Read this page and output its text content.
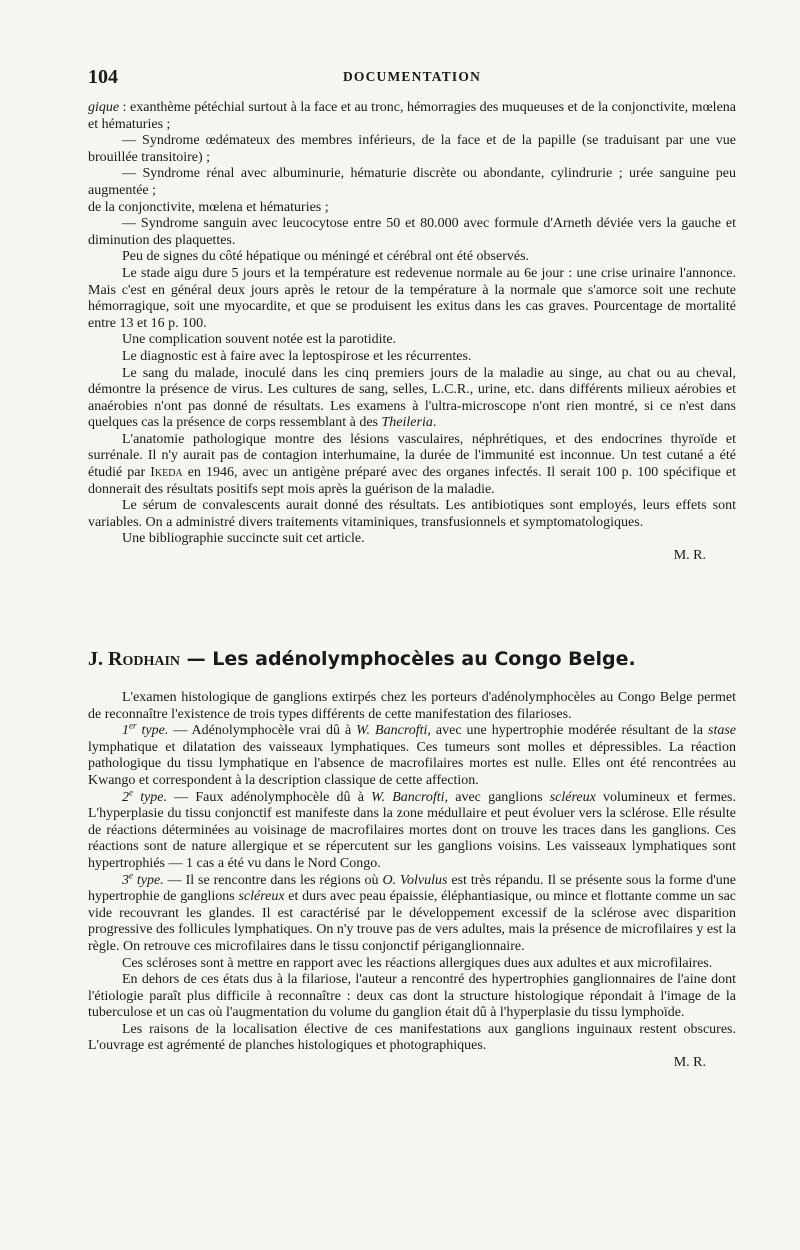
104	DOCUMENTATION

gique : exanthème pétéchial surtout à la face et au tronc, hémorragies des muqueuses et de la conjonctivite, mœlena et hématuries ;

— Syndrome œdémateux des membres inférieurs, de la face et de la papille (se traduisant par une vue brouillée transitoire) ;

— Syndrome rénal avec albuminurie, hématurie discrète ou abondante, cylindrurie ; urée sanguine peu augmentée ;

de la conjonctivite, mœlena et hématuries ;

— Syndrome sanguin avec leucocytose entre 50 et 80.000 avec formule d'Arneth déviée vers la gauche et diminution des plaquettes.

Peu de signes du côté hépatique ou méningé et cérébral ont été observés.

Le stade aigu dure 5 jours et la température est redevenue normale au 6e jour : une crise urinaire l'annonce. Mais c'est en général deux jours après le retour de la température à la normale que s'amorce soit une rechute hémorragique, soit une myocardite, et que se produisent les exitus dans les cas graves. Pourcentage de mortalité entre 13 et 16 p. 100.

Une complication souvent notée est la parotidite.

Le diagnostic est à faire avec la leptospirose et les récurrentes.

Le sang du malade, inoculé dans les cinq premiers jours de la maladie au singe, au chat ou au cheval, démontre la présence de virus. Les cultures de sang, selles, L.C.R., urine, etc. dans différents milieux aérobies et anaérobies n'ont pas donné de résultats. Les examens à l'ultra-microscope n'ont rien montré, si ce n'est dans quelques cas la présence de corps ressemblant à des Theileria.

L'anatomie pathologique montre des lésions vasculaires, néphrétiques, et des endocrines thyroïde et surrénale. Il n'y aurait pas de contagion interhumaine, la durée de l'immunité est inconnue. Un test cutané a été étudié par Ikeda en 1946, avec un antigène préparé avec des organes infectés. Il serait 100 p. 100 spécifique et donnerait des résultats positifs sept mois après la guérison de la maladie.

Le sérum de convalescents aurait donné des résultats. Les antibiotiques sont employés, leurs effets sont variables. On a administré divers traitements vitaminiques, transfusionnels et symptomatologiques.

Une bibliographie succincte suit cet article.

M. R.

J. Rodhain — Les adénolymphocèles au Congo Belge.

L'examen histologique de ganglions extirpés chez les porteurs d'adénolymphocèles au Congo Belge permet de reconnaître l'existence de trois types différents de cette manifestation des filarioses.

1er type. — Adénolymphocèle vrai dû à W. Bancrofti, avec une hypertrophie modérée résultant de la stase lymphatique et dilatation des vaisseaux lymphatiques. Ces tumeurs sont molles et dépressibles. La réaction pathologique du tissu lymphatique en l'absence de macrofilaires mortes est nulle. Elles ont été rencontrées au Kwango et correspondent à la description classique de cette affection.

2e type. — Faux adénolymphocèle dû à W. Bancrofti, avec ganglions scléreux volumineux et fermes. L'hyperplasie du tissu conjonctif est manifeste dans la zone médullaire et peut évoluer vers la sclérose. Elle résulte de réactions déterminées au voisinage de macrofilaires mortes dont on trouve les traces dans les ganglions. Ces réactions sont de nature allergique et se répercutent sur les ganglions voisins. Les vaisseaux lymphatiques sont hypertrophiés — 1 cas a été vu dans le Nord Congo.

3e type. — Il se rencontre dans les régions où O. Volvulus est très répandu. Il se présente sous la forme d'une hypertrophie de ganglions scléreux et durs avec peau épaissie, éléphantiasique, ou mince et flottante comme un sac vide recouvrant les glandes. Il est caractérisé par le développement excessif de la sclérose avec disparition progressive des follicules lymphatiques. On n'y trouve pas de vers adultes, mais la présence de microfilaires y est la règle. On retrouve ces microfilaires dans le tissu conjonctif périganglionnaire.

Ces scléroses sont à mettre en rapport avec les réactions allergiques dues aux adultes et aux microfilaires.

En dehors de ces états dus à la filariose, l'auteur a rencontré des hypertrophies ganglionnaires de l'aine dont l'étiologie paraît plus difficile à reconnaître : deux cas dont la structure histologique répondait à l'image de la tuberculose et un cas où l'augmentation du volume du ganglion était dû à l'hyperplasie du tissu lymphoïde.

Les raisons de la localisation élective de ces manifestations aux ganglions inguinaux restent obscures. L'ouvrage est agrémenté de planches histologiques et photographiques.

M. R.
